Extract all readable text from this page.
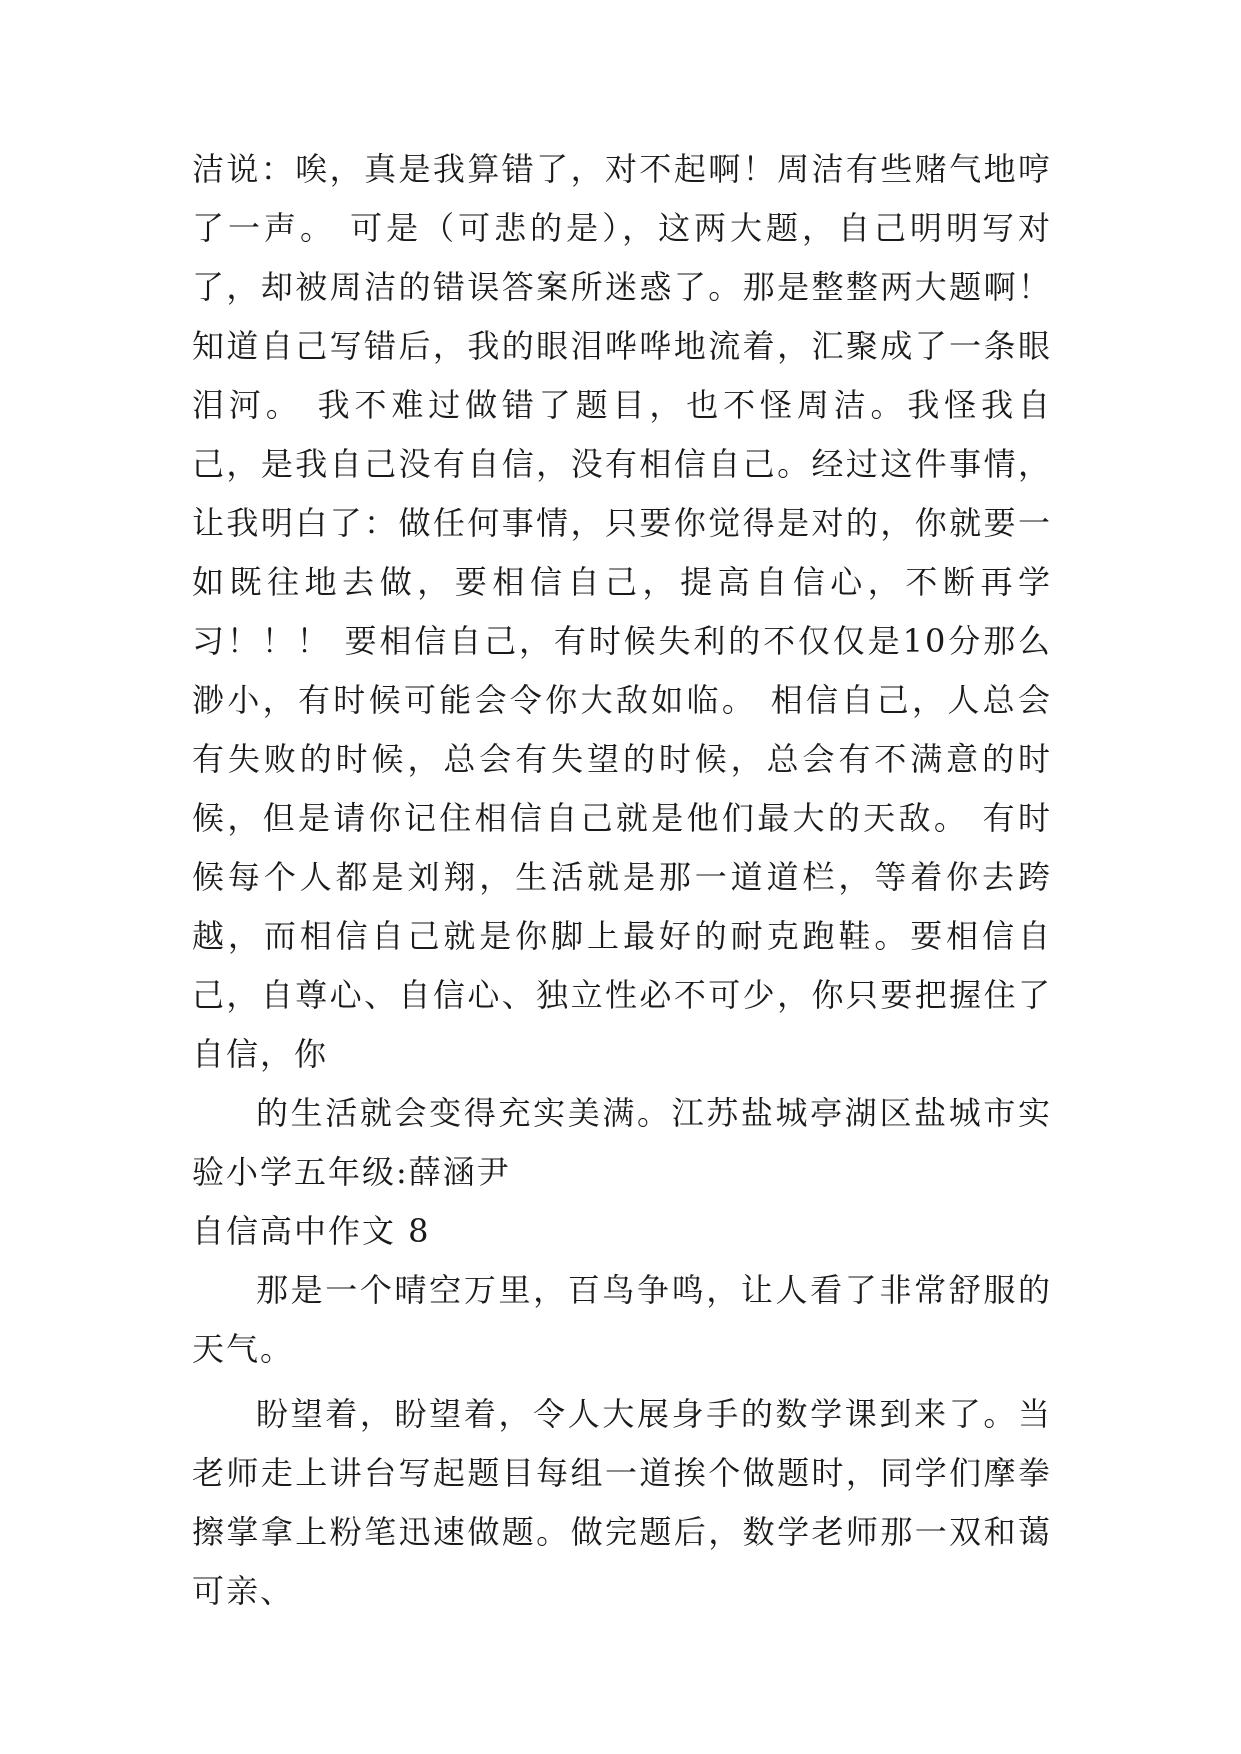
洁说：唉，真是我算错了，对不起啊！周洁有些赌气地哼了一声。 可是（可悲的是），这两大题，自己明明写对了，却被周洁的错误答案所迷惑了。那是整整两大题啊！知道自己写错后，我的眼泪哗哗地流着，汇聚成了一条眼泪河。 我不难过做错了题目，也不怪周洁。我怪我自己，是我自己没有自信，没有相信自己。经过这件事情，让我明白了：做任何事情，只要你觉得是对的，你就要一如既往地去做，要相信自己，提高自信心，不断再学习！！！ 要相信自己，有时候失利的不仅仅是10分那么渺小，有时候可能会令你大敌如临。 相信自己，人总会有失败的时候，总会有失望的时候，总会有不满意的时候，但是请你记住相信自己就是他们最大的天敌。 有时候每个人都是刘翔，生活就是那一道道栏，等着你去跨越，而相信自己就是你脚上最好的耐克跑鞋。要相信自己，自尊心、自信心、独立性必不可少，你只要把握住了自信，你

的生活就会变得充实美满。江苏盐城亭湖区盐城市实验小学五年级:薛涵尹

自信高中作文 8

那是一个晴空万里，百鸟争鸣，让人看了非常舒服的天气。

盼望着，盼望着，令人大展身手的数学课到来了。当老师走上讲台写起题目每组一道挨个做题时，同学们摩拳擦掌拿上粉笔迅速做题。做完题后，数学老师那一双和蔼可亲、
